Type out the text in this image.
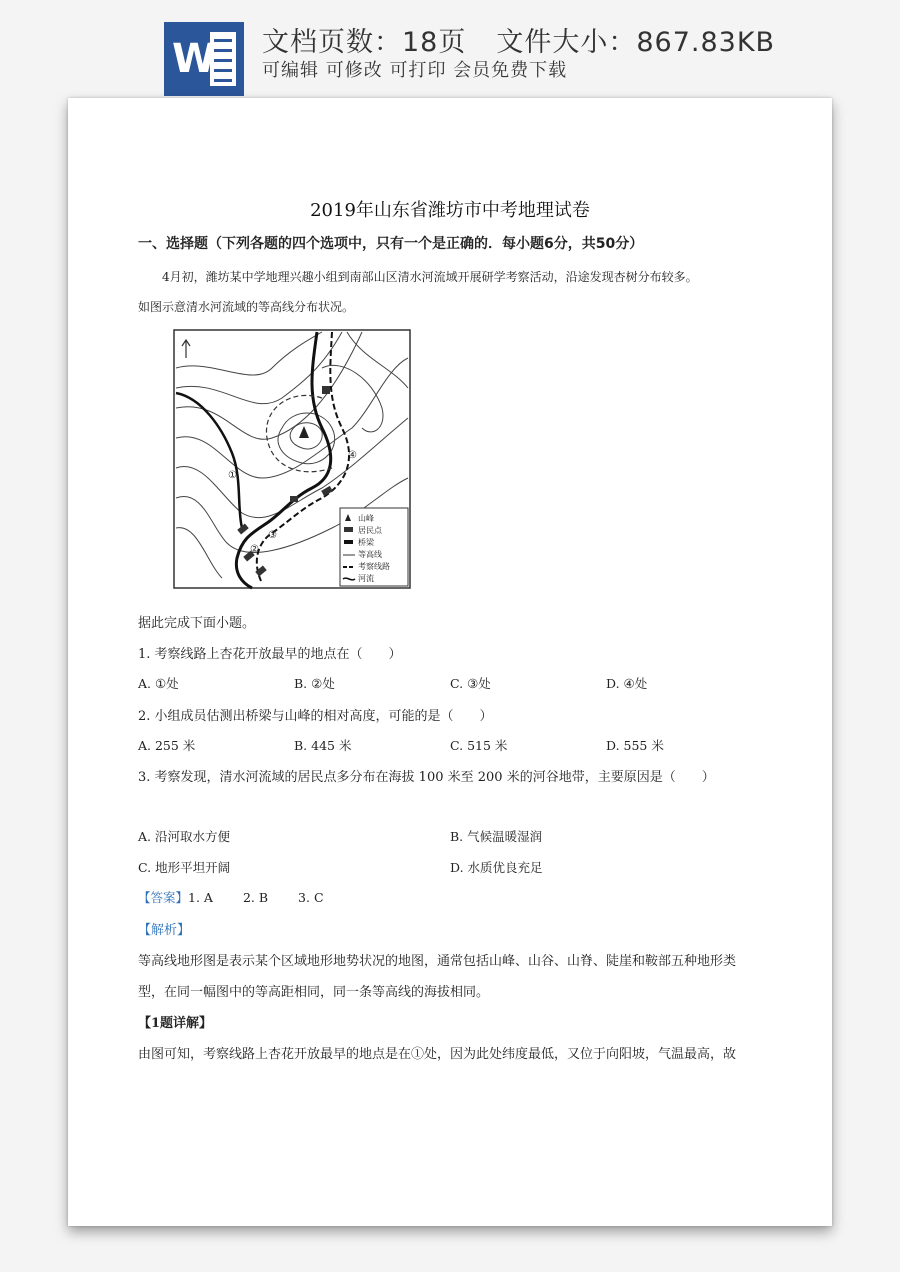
W 文档页数：18页 文件大小：867.83KB
可编辑 可修改 可打印 会员免费下载
2019年山东省潍坊市中考地理试卷
一、选择题（下列各题的四个选项中，只有一个是正确的．每小题6分，共50分）
4月初，潍坊某中学地理兴趣小组到南部山区清水河流域开展研学考察活动，沿途发现杏树分布较多。
如图示意清水河流域的等高线分布状况。
①
②
③
④
山峰
居民点
桥梁
等高线
考察线路
河流
据此完成下面小题。
1. 考察线路上杏花开放最早的地点在（　　）
A. ①处	B. ②处	C. ③处	D. ④处
2. 小组成员估测出桥梁与山峰的相对高度，可能的是（　　）
A. 255 米	B. 445 米	C. 515 米	D. 555 米
3. 考察发现，清水河流域的居民点多分布在海拔 100 米至 200 米的河谷地带，主要原因是（　　）
A. 沿河取水方便	B. 气候温暖湿润
C. 地形平坦开阔	D. 水质优良充足
【答案】1. A 2. B 3. C
【解析】
等高线地形图是表示某个区域地形地势状况的地图，通常包括山峰、山谷、山脊、陡崖和鞍部五种地形类
型，在同一幅图中的等高距相同，同一条等高线的海拔相同。
【1题详解】
由图可知，考察线路上杏花开放最早的地点是在①处，因为此处纬度最低，又位于向阳坡，气温最高，故
